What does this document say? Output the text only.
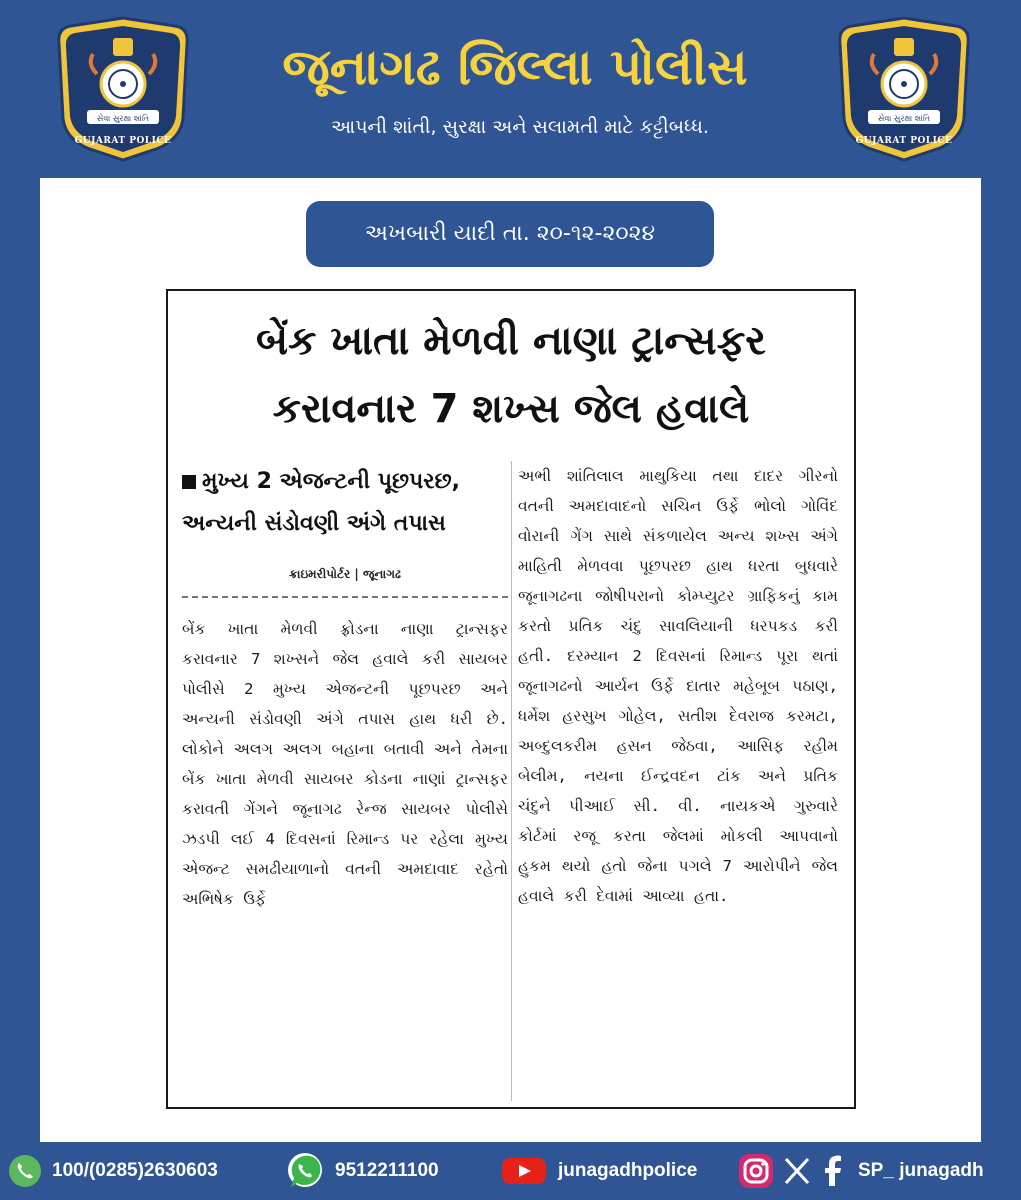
સેવા સુરક્ષા શાંતિ
GUJARAT POLICE
જૂનાગઢ જિલ્લા પોલીસ
આપની શાંતી, સુરક્ષા અને સલામતી માટે કટ્ટીબધ્ધ.	સેવા સુરક્ષા શાંતિ
GUJARAT POLICE
અખબારી યાદી તા. ૨૦-૧૨-૨૦૨૪
બેંક ખાતા મેળવી નાણા ટ્રાન્સફર
કરાવનાર 7 શખ્સ જેલ હવાલે
મુખ્ય 2 એજન્ટની પૂછપરછ, અન્યની સંડોવણી અંગે તપાસ
ક્રાઇમરીપોર્ટર | જૂનાગઢ
બેંક ખાતા મેળવી ફ્રોડના નાણા ટ્રાન્સફર કરાવનાર 7 શખ્સને જેલ હવાલે કરી સાયબર પોલીસે 2 મુખ્ય એજન્ટની પૂછપરછ અને અન્યની સંડોવણી અંગે તપાસ હાથ ધરી છે. લોકોને અલગ અલગ બહાના બતાવી અને તેમના બેંક ખાતા મેળવી સાયબર કોડના નાણાં ટ્રાન્સફર કરાવતી ગેંગને જૂનાગઢ રેન્જ સાયબર પોલીસે ઝડપી લઈ 4 દિવસનાં રિમાન્ડ પર રહેલા મુખ્ય એજન્ટ સમઢીયાળાનો વતની અમદાવાદ રહેતો અભિષેક ઉર્ફે
અભી શાંતિલાલ માથુકિયા તથા દાદર ગીરનો વતની અમદાવાદનો સચિન ઉર્ફે ભોલો ગોવિંદ વોરાની ગેંગ સાથે સંકળાયેલ અન્ય શખ્સ અંગે માહિતી મેળવવા પૂછપરછ હાથ ધરતા બુધવારે જૂનાગઢના જોષીપરાનો કોમ્પ્યુટર ગ્રાફિકનું કામ કરતો પ્રતિક ચંદુ સાવલિયાની ધરપકડ કરી હતી. દરમ્યાન 2 દિવસનાં રિમાન્ડ પૂરા થતાં જૂનાગઢનો આર્યન ઉર્ફે દાતાર મહેબૂબ પઠાણ, ધર્મેશ હરસુખ ગોહેલ, સતીશ દેવરાજ કરમટા, અબ્દુલકરીમ હસન જેઠવા, આસિફ રહીમ બેલીમ, નયના ઈન્દ્રવદન ટાંક અને પ્રતિક ચંદુને પીઆઈ સી. વી. નાયકએ ગુરુવારે કોર્ટમાં રજૂ કરતા જેલમાં મોકલી આપવાનો હુકમ થયો હતો જેના પગલે 7 આરોપીને જેલ હવાલે કરી દેવામાં આવ્યા હતા.
100/(0285)2630603	9512211100	junagadhpolice	SP_ junagadh
